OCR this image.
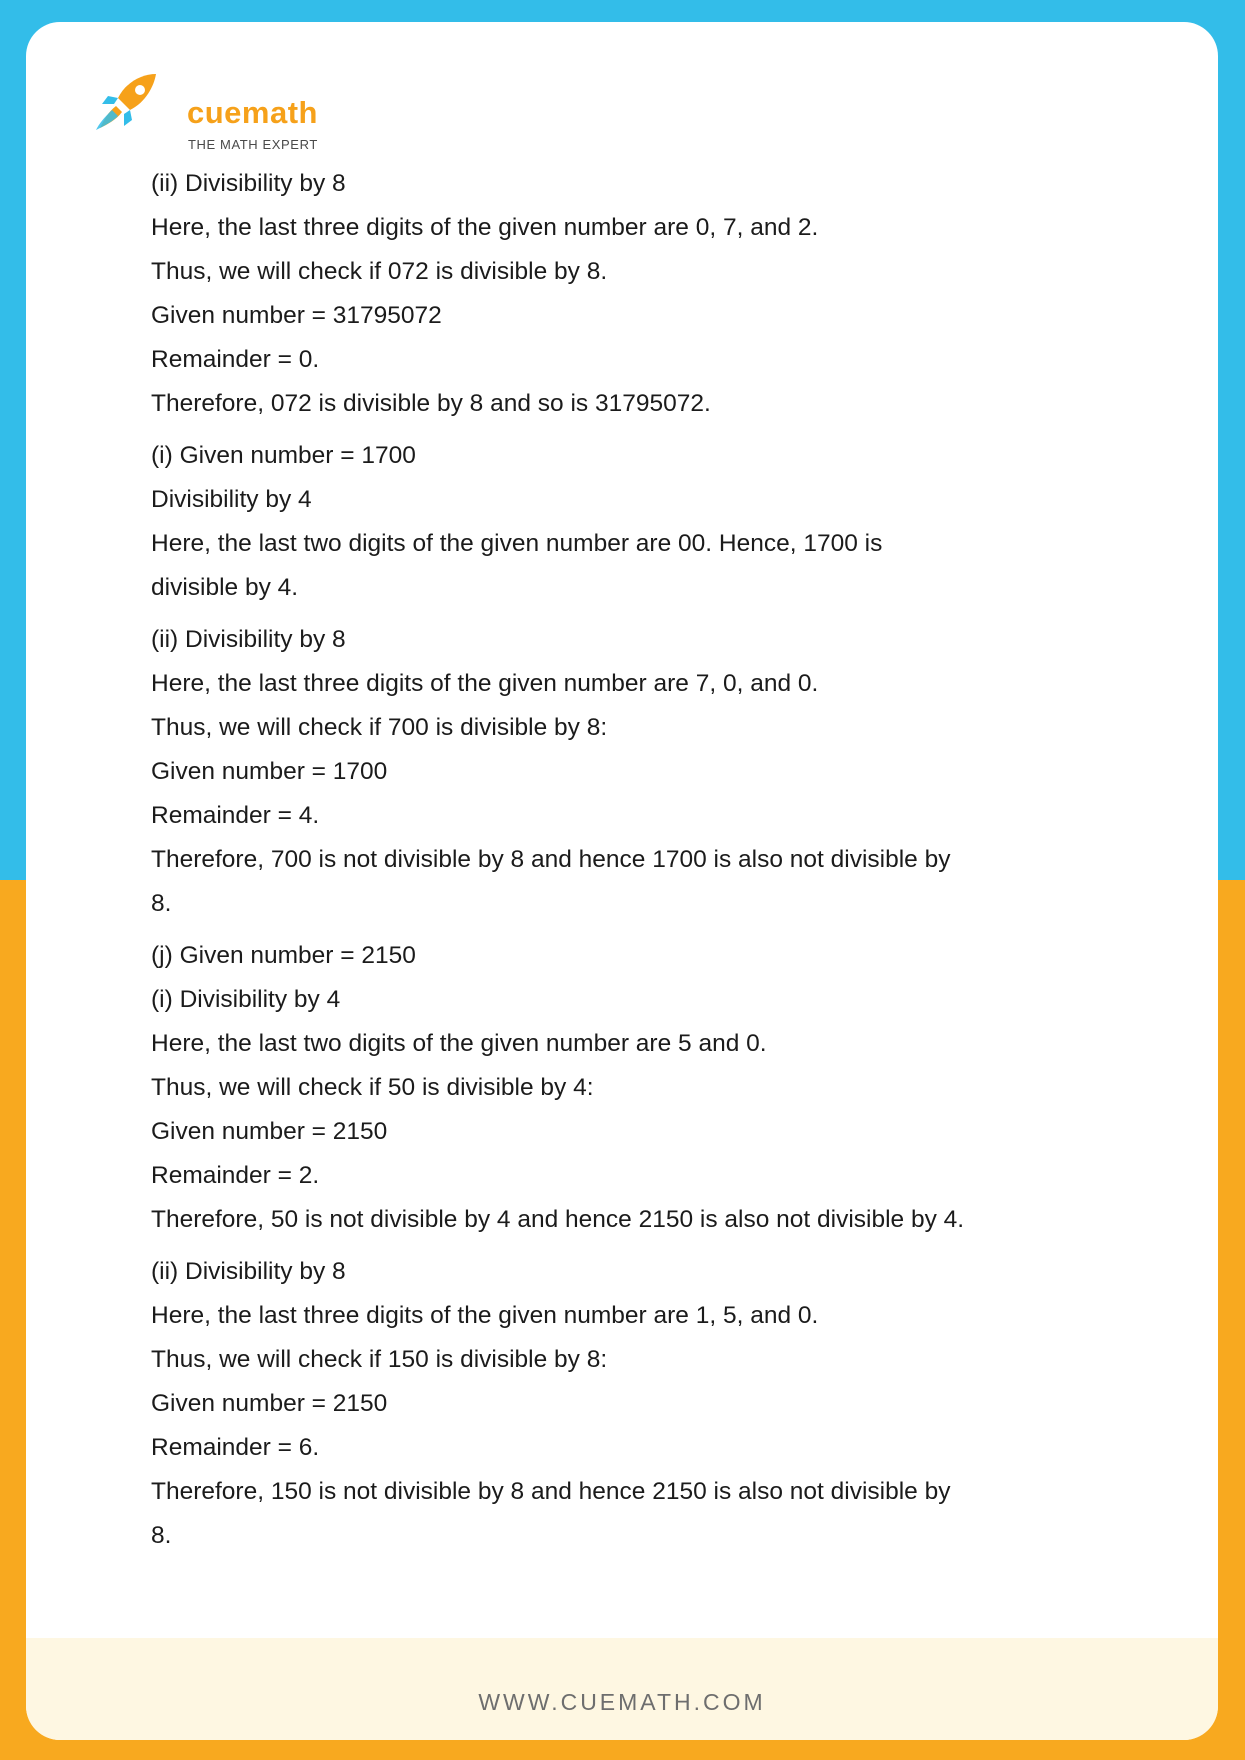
cuemath
THE MATH EXPERT

(ii) Divisibility by 8

Here, the last three digits of the given number are 0, 7, and 2.

Thus, we will check if 072 is divisible by 8.

Given number = 31795072

Remainder = 0.

Therefore, 072 is divisible by 8 and so is 31795072.

(i) Given number = 1700

Divisibility by 4

Here, the last two digits of the given number are 00. Hence, 1700 is

divisible by 4.

(ii) Divisibility by 8

Here, the last three digits of the given number are 7, 0, and 0.

Thus, we will check if 700 is divisible by 8:

Given number = 1700

Remainder = 4.

Therefore, 700 is not divisible by 8 and hence 1700 is also not divisible by

8.

(j) Given number = 2150

(i) Divisibility by 4

Here, the last two digits of the given number are 5 and 0.

Thus, we will check if 50 is divisible by 4:

Given number = 2150

Remainder = 2.

Therefore, 50 is not divisible by 4 and hence 2150 is also not divisible by 4.

(ii) Divisibility by 8

Here, the last three digits of the given number are 1, 5, and 0.

Thus, we will check if 150 is divisible by 8:

Given number = 2150

Remainder = 6.

Therefore, 150 is not divisible by 8 and hence 2150 is also not divisible by

8.

WWW.CUEMATH.COM
